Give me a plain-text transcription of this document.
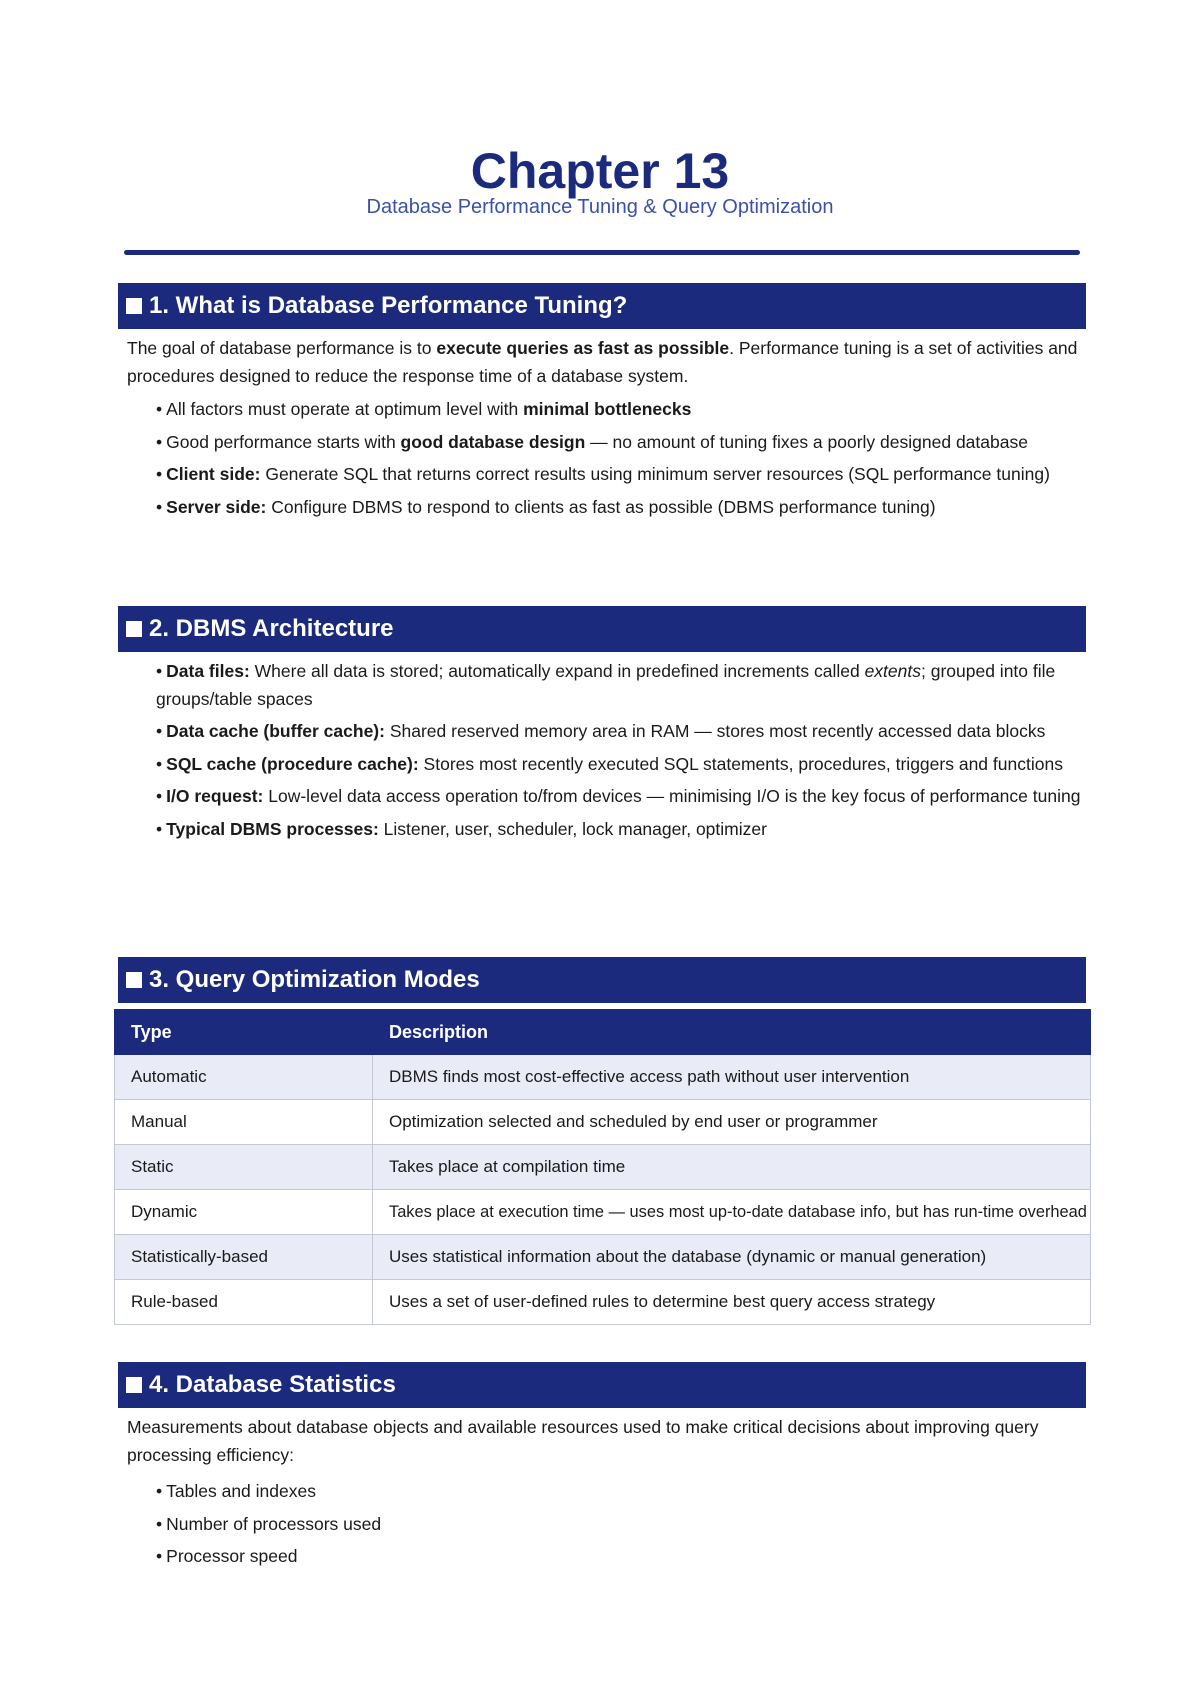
Chapter 13
Database Performance Tuning & Query Optimization
1. What is Database Performance Tuning?
The goal of database performance is to execute queries as fast as possible. Performance tuning is a set of activities and procedures designed to reduce the response time of a database system.
• All factors must operate at optimum level with minimal bottlenecks
• Good performance starts with good database design — no amount of tuning fixes a poorly designed database
• Client side: Generate SQL that returns correct results using minimum server resources (SQL performance tuning)
• Server side: Configure DBMS to respond to clients as fast as possible (DBMS performance tuning)
2. DBMS Architecture
• Data files: Where all data is stored; automatically expand in predefined increments called extents; grouped into file groups/table spaces
• Data cache (buffer cache): Shared reserved memory area in RAM — stores most recently accessed data blocks
• SQL cache (procedure cache): Stores most recently executed SQL statements, procedures, triggers and functions
• I/O request: Low-level data access operation to/from devices — minimising I/O is the key focus of performance tuning
• Typical DBMS processes: Listener, user, scheduler, lock manager, optimizer
3. Query Optimization Modes
Type	Description
Automatic	DBMS finds most cost-effective access path without user intervention
Manual	Optimization selected and scheduled by end user or programmer
Static	Takes place at compilation time
Dynamic	Takes place at execution time — uses most up-to-date database info, but has run-time overhead
Statistically-based	Uses statistical information about the database (dynamic or manual generation)
Rule-based	Uses a set of user-defined rules to determine best query access strategy
4. Database Statistics
Measurements about database objects and available resources used to make critical decisions about improving query processing efficiency:
• Tables and indexes
• Number of processors used
• Processor speed
